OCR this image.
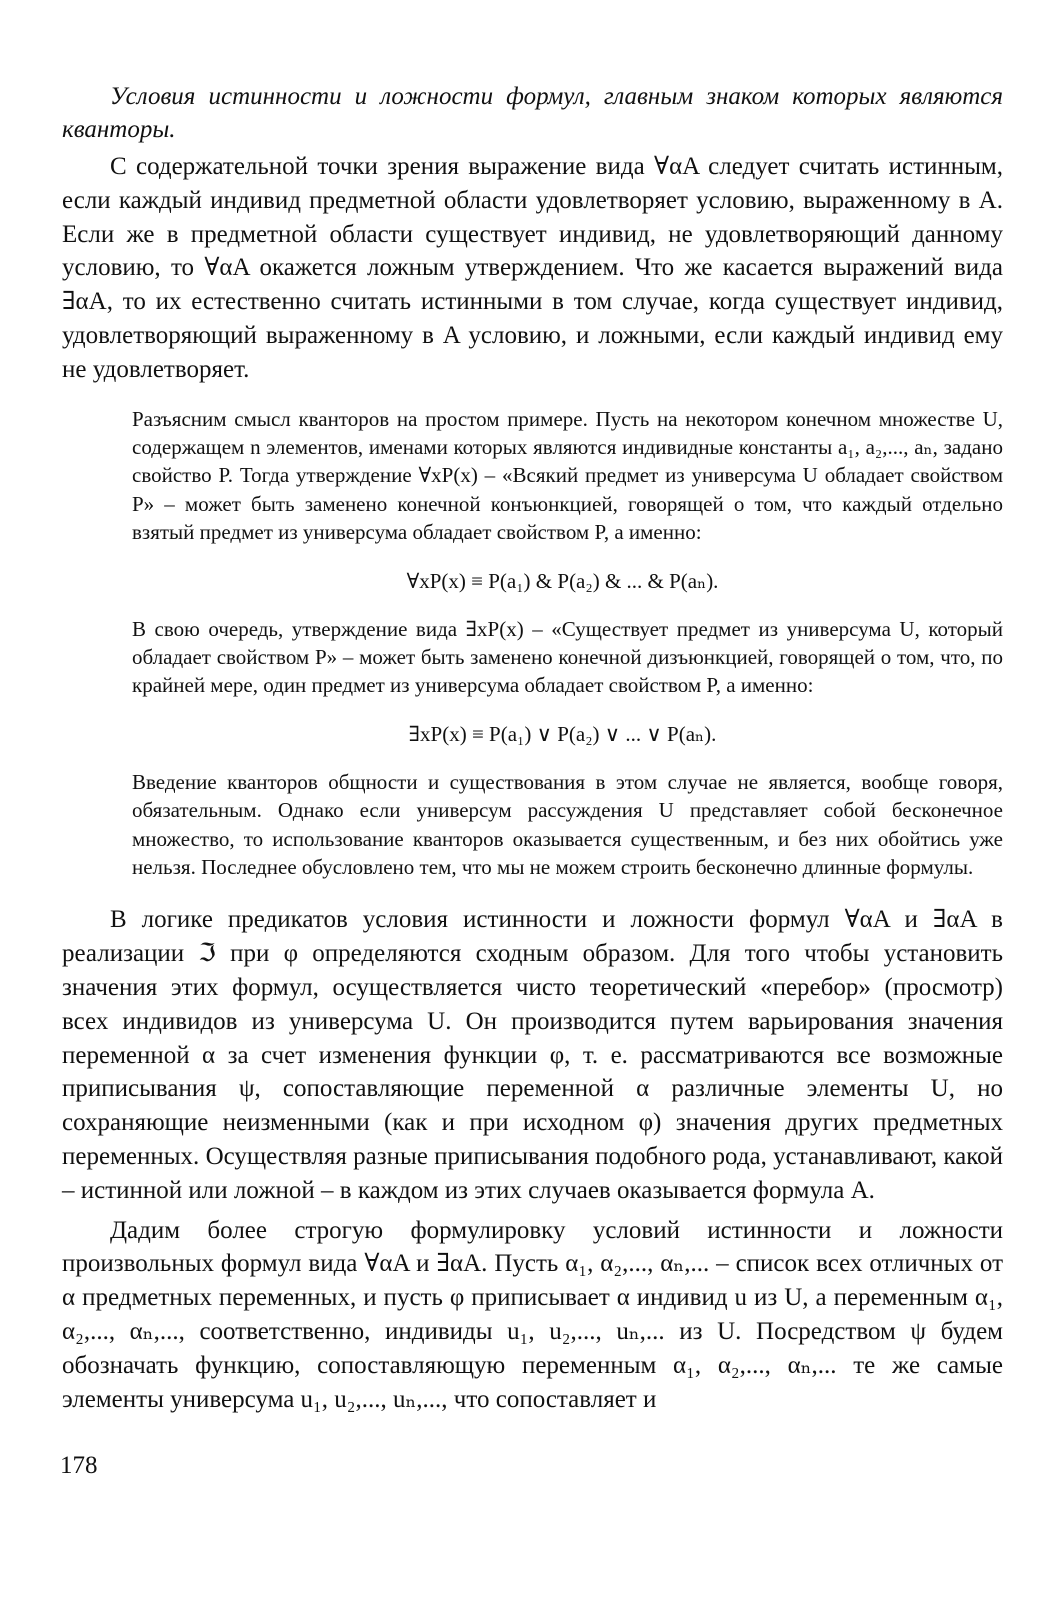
Условия истинности и ложности формул, главным знаком которых являются кванторы.

С содержательной точки зрения выражение вида ∀αA следует считать истинным, если каждый индивид предметной области удовлетворяет условию, выраженному в A. Если же в предметной области существует индивид, не удовлетворяющий данному условию, то ∀αA окажется ложным утверждением. Что же касается выражений вида ∃αA, то их естественно считать истинными в том случае, когда существует индивид, удовлетворяющий выраженному в A условию, и ложными, если каждый индивид ему не удовлетворяет.

Разъясним смысл кванторов на простом примере. Пусть на некотором конечном множестве U, содержащем n элементов, именами которых являются индивидные константы a₁, a₂,..., aₙ, задано свойство P. Тогда утверждение ∀xP(x) – «Всякий предмет из универсума U обладает свойством P» – может быть заменено конечной конъюнкцией, говорящей о том, что каждый отдельно взятый предмет из универсума обладает свойством P, а именно:

∀xP(x) ≡ P(a₁) & P(a₂) & ... & P(aₙ).

В свою очередь, утверждение вида ∃xP(x) – «Существует предмет из универсума U, который обладает свойством P» – может быть заменено конечной дизъюнкцией, говорящей о том, что, по крайней мере, один предмет из универсума обладает свойством P, а именно:

∃xP(x) ≡ P(a₁) ∨ P(a₂) ∨ ... ∨ P(aₙ).

Введение кванторов общности и существования в этом случае не является, вообще говоря, обязательным. Однако если универсум рассуждения U представляет собой бесконечное множество, то использование кванторов оказывается существенным, и без них обойтись уже нельзя. Последнее обусловлено тем, что мы не можем строить бесконечно длинные формулы.

В логике предикатов условия истинности и ложности формул ∀αA и ∃αA в реализации ℑ при φ определяются сходным образом. Для того чтобы установить значения этих формул, осуществляется чисто теоретический «перебор» (просмотр) всех индивидов из универсума U. Он производится путем варьирования значения переменной α за счет изменения функции φ, т. е. рассматриваются все возможные приписывания ψ, сопоставляющие переменной α различные элементы U, но сохраняющие неизменными (как и при исходном φ) значения других предметных переменных. Осуществляя разные приписывания подобного рода, устанавливают, какой – истинной или ложной – в каждом из этих случаев оказывается формула A.

Дадим более строгую формулировку условий истинности и ложности произвольных формул вида ∀αA и ∃αA. Пусть α₁, α₂,..., αₙ,... – список всех отличных от α предметных переменных, и пусть φ приписывает α индивид u из U, а переменным α₁, α₂,..., αₙ,..., соответственно, индивиды u₁, u₂,..., uₙ,... из U. Посредством ψ будем обозначать функцию, сопоставляющую переменным α₁, α₂,..., αₙ,... те же самые элементы универсума u₁, u₂,..., uₙ,..., что сопоставляет и

178
